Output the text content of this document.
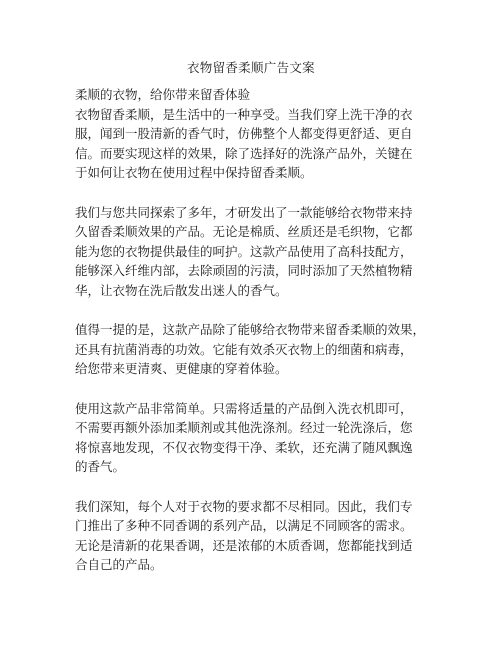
衣物留香柔顺广告文案
柔顺的衣物，给你带来留香体验
衣物留香柔顺，是生活中的一种享受。当我们穿上洗干净的衣
服，闻到一股清新的香气时，仿佛整个人都变得更舒适、更自
信。而要实现这样的效果，除了选择好的洗涤产品外，关键在
于如何让衣物在使用过程中保持留香柔顺。
我们与您共同探索了多年，才研发出了一款能够给衣物带来持
久留香柔顺效果的产品。无论是棉质、丝质还是毛织物，它都
能为您的衣物提供最佳的呵护。这款产品使用了高科技配方，
能够深入纤维内部，去除顽固的污渍，同时添加了天然植物精
华，让衣物在洗后散发出迷人的香气。
值得一提的是，这款产品除了能够给衣物带来留香柔顺的效果，
还具有抗菌消毒的功效。它能有效杀灭衣物上的细菌和病毒，
给您带来更清爽、更健康的穿着体验。
使用这款产品非常简单。只需将适量的产品倒入洗衣机即可，
不需要再额外添加柔顺剂或其他洗涤剂。经过一轮洗涤后，您
将惊喜地发现，不仅衣物变得干净、柔软，还充满了随风飘逸
的香气。
我们深知，每个人对于衣物的要求都不尽相同。因此，我们专
门推出了多种不同香调的系列产品，以满足不同顾客的需求。
无论是清新的花果香调，还是浓郁的木质香调，您都能找到适
合自己的产品。
